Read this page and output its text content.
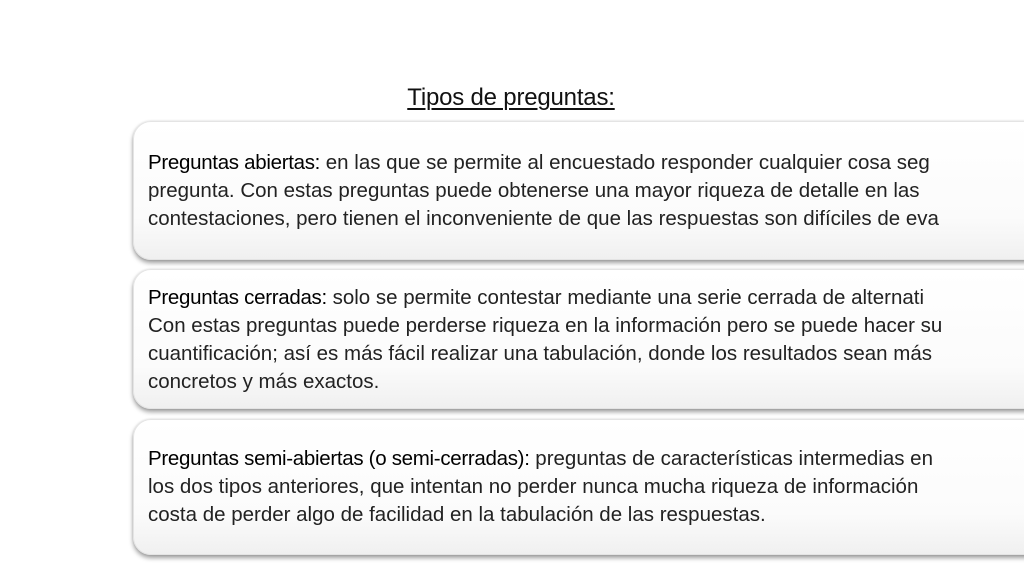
Tipos de preguntas:
Preguntas abiertas: en las que se permite al encuestado responder cualquier cosa seg
pregunta. Con estas preguntas puede obtenerse una mayor riqueza de detalle en las
contestaciones, pero tienen el inconveniente de que las respuestas son difíciles de eva
Preguntas cerradas: solo se permite contestar mediante una serie cerrada de alternati
Con estas preguntas puede perderse riqueza en la información pero se puede hacer su
cuantificación; así es más fácil realizar una tabulación, donde los resultados sean más
concretos y más exactos.
Preguntas semi-abiertas (o semi-cerradas): preguntas de características intermedias en
los dos tipos anteriores, que intentan no perder nunca mucha riqueza de información
costa de perder algo de facilidad en la tabulación de las respuestas.
